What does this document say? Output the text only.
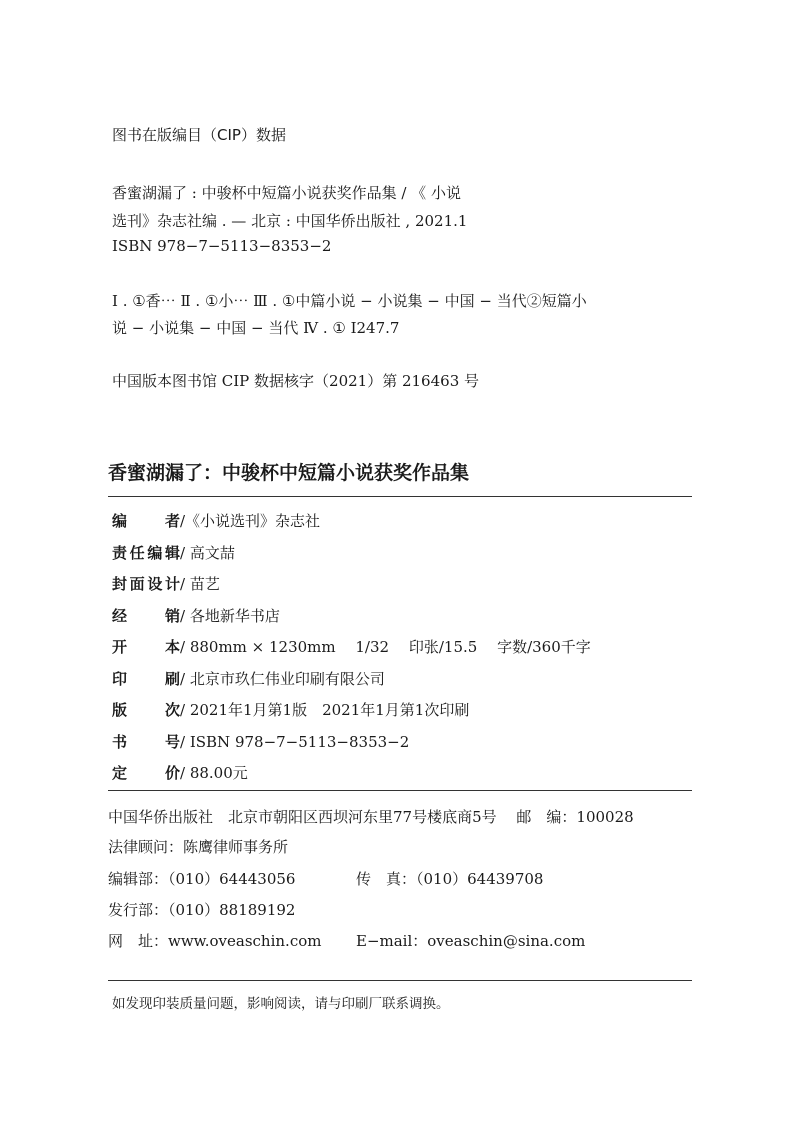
图书在版编目（CIP）数据
香蜜湖漏了 : 中骏杯中短篇小说获奖作品集 / 《 小说
选刊》杂志社编 . — 北京 : 中国华侨出版社 , 2021.1
ISBN 978−7−5113−8353−2
Ⅰ . ①香⋯ Ⅱ . ①小⋯ Ⅲ . ①中篇小说 − 小说集 − 中国 − 当代②短篇小
说 − 小说集 − 中国 − 当代 Ⅳ . ① I247.7
中国版本图书馆 CIP 数据核字（2021）第 216463 号
香蜜湖漏了：中骏杯中短篇小说获奖作品集
编	者 /《小说选刊》杂志社
责 任 编 辑 / 高文喆
封 面 设 计 / 苗艺
经	销 / 各地新华书店
开	本 / 880mm × 1230mm　 1/32　 印张/15.5　 字数/360千字
印	刷 / 北京市玖仁伟业印刷有限公司
版	次 / 2021年1月第1版　2021年1月第1次印刷
书	号 / ISBN 978−7−5113−8353−2
定	价 / 88.00元
中国华侨出版社　北京市朝阳区西坝河东里77号楼底商5号　 邮　编：100028
法律顾问：陈鹰律师事务所
编辑部：（010）64443056	传　真：（010）64439708
发行部：（010）88189192
网　址：www.oveaschin.com E−mail：oveaschin@sina.com
如发现印装质量问题，影响阅读，请与印刷厂联系调换。
